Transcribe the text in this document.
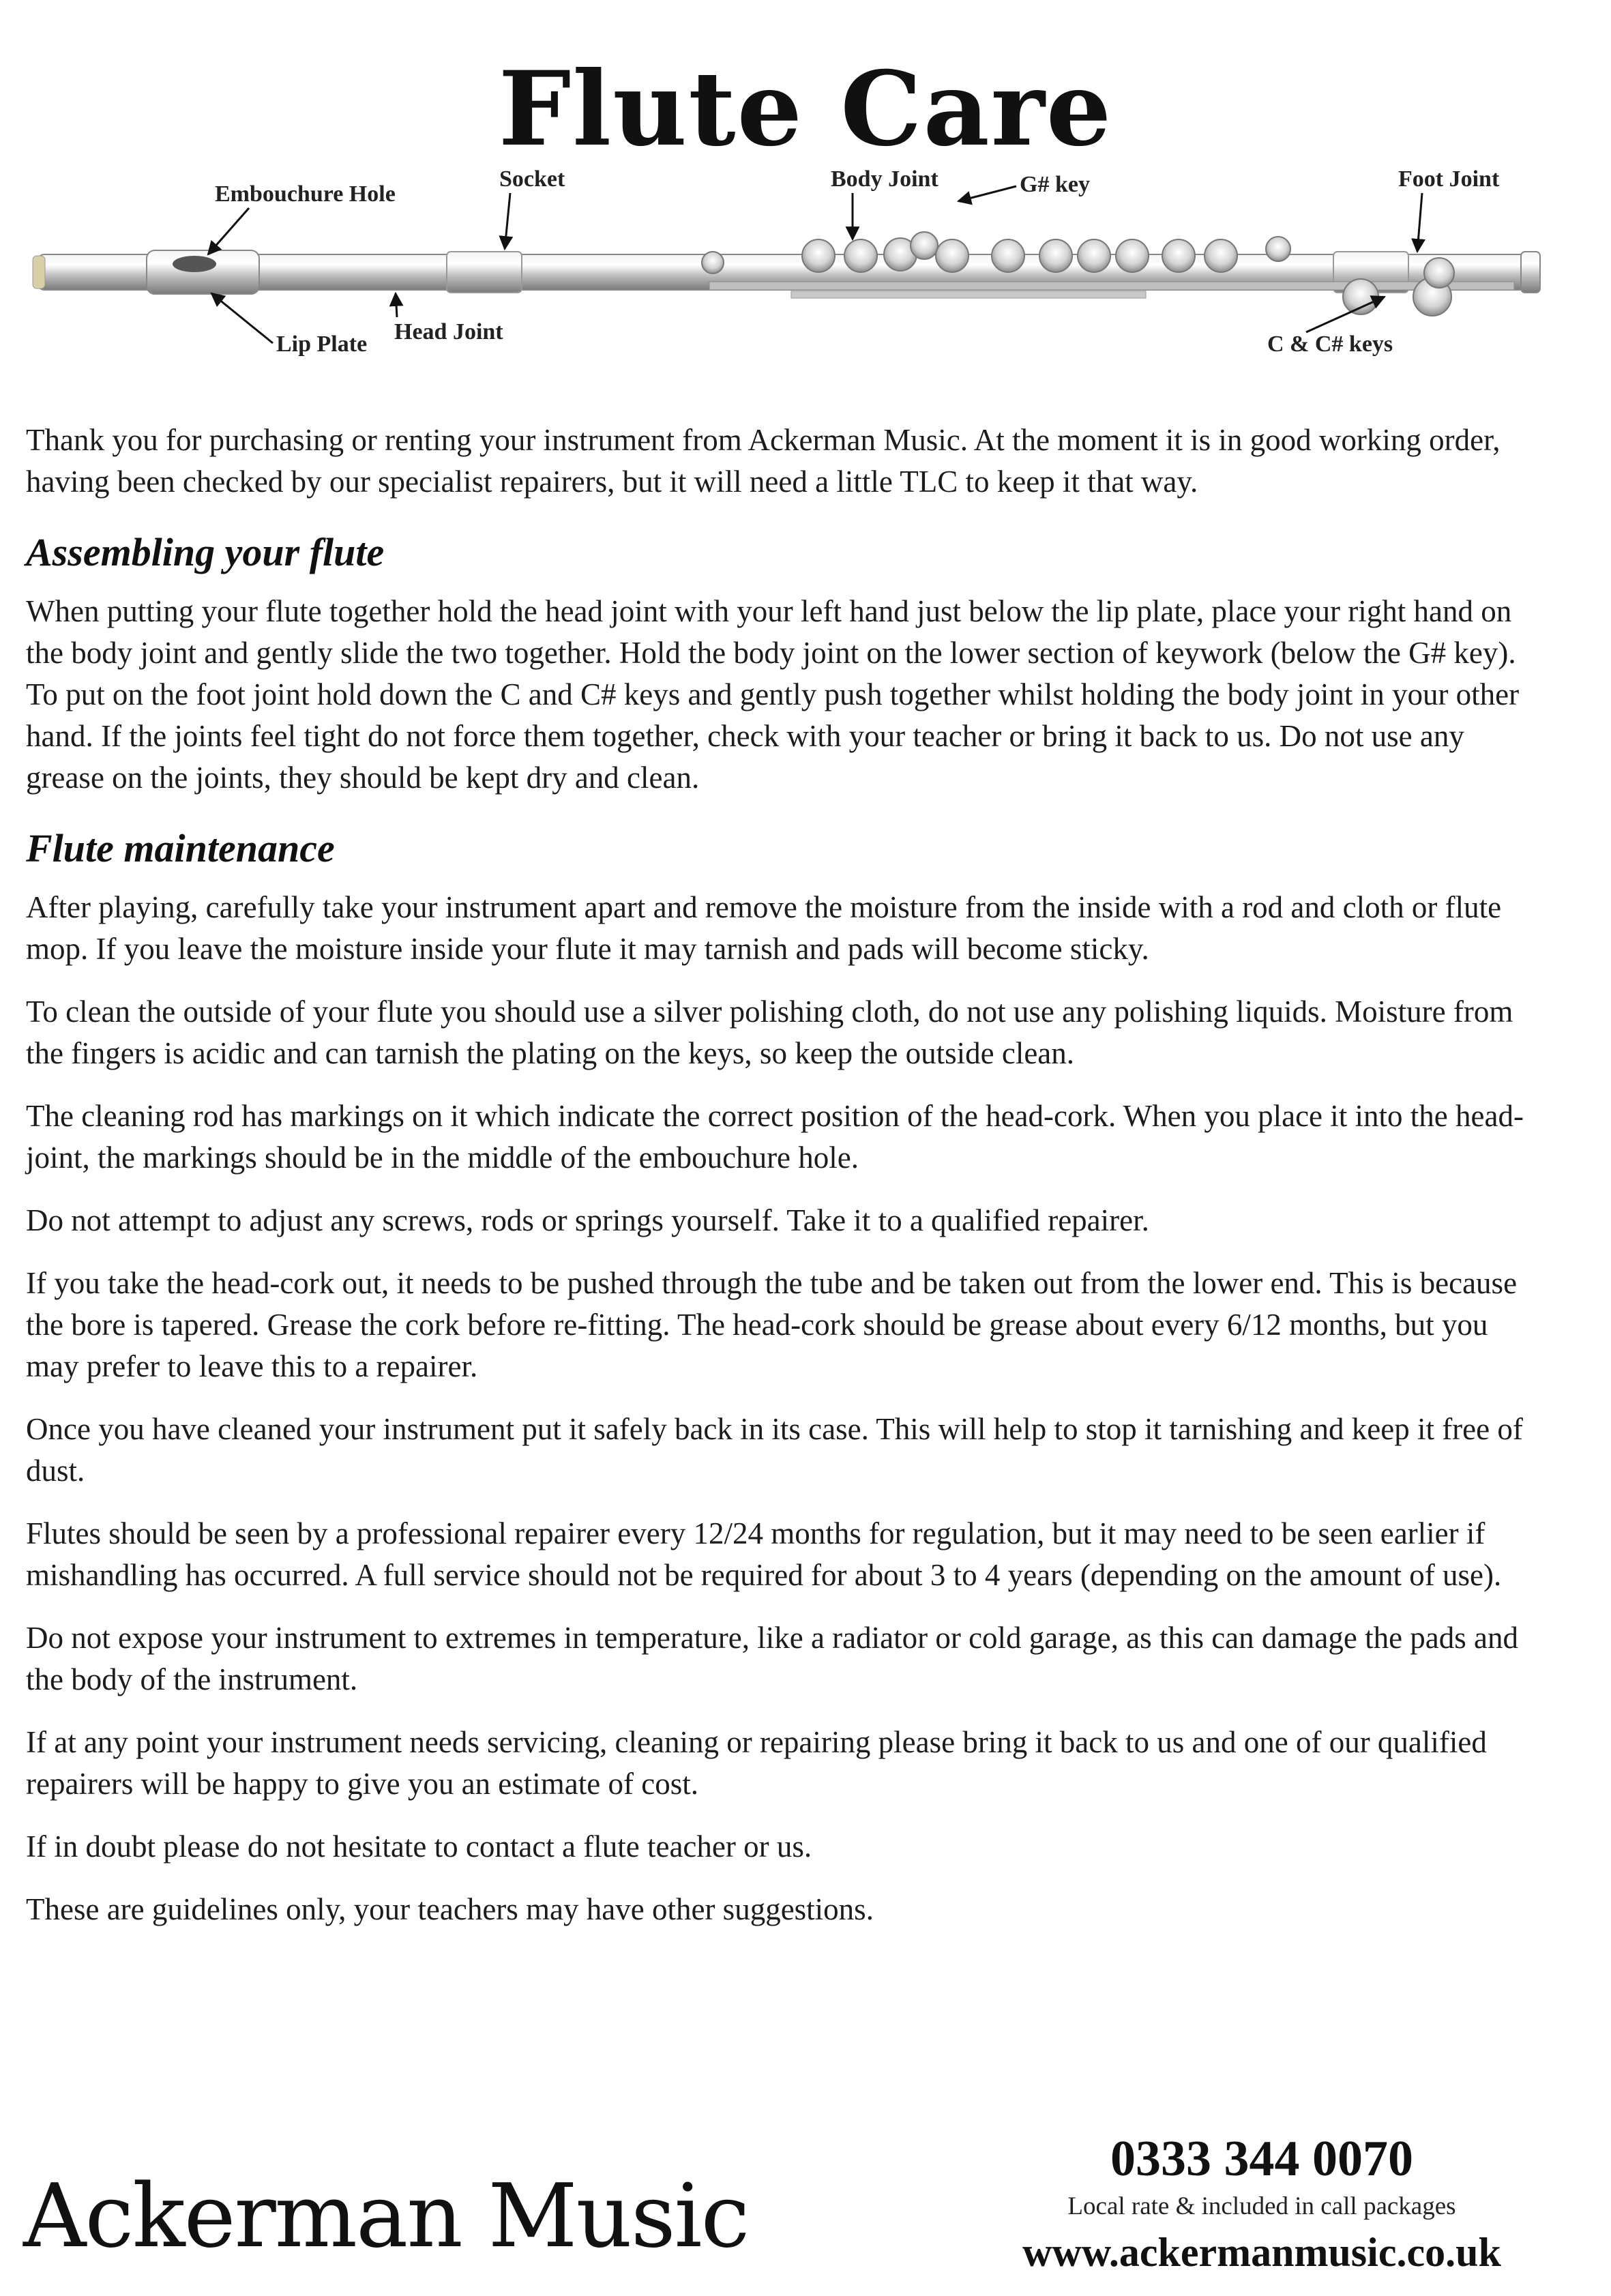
Flute Care
Embouchure Hole
Socket	Body Joint	G# key	Foot Joint
Lip Plate Head Joint	C & C# keys

Thank you for purchasing or renting your instrument from Ackerman Music. At the moment it is in good working order, having been checked by our specialist repairers, but it will need a little TLC to keep it that way.

Assembling your flute

When putting your flute together hold the head joint with your left hand just below the lip plate, place your right hand on the body joint and gently slide the two together. Hold the body joint on the lower section of keywork (below the G# key). To put on the foot joint hold down the C and C# keys and gently push together whilst holding the body joint in your other hand. If the joints feel tight do not force them together, check with your teacher or bring it back to us. Do not use any grease on the joints, they should be kept dry and clean.

Flute maintenance

After playing, carefully take your instrument apart and remove the moisture from the inside with a rod and cloth or flute mop. If you leave the moisture inside your flute it may tarnish and pads will become sticky.

To clean the outside of your flute you should use a silver polishing cloth, do not use any polishing liquids. Moisture from the fingers is acidic and can tarnish the plating on the keys, so keep the outside clean.

The cleaning rod has markings on it which indicate the correct position of the head-cork. When you place it into the head-joint, the markings should be in the middle of the embouchure hole.

Do not attempt to adjust any screws, rods or springs yourself. Take it to a qualified repairer.

If you take the head-cork out, it needs to be pushed through the tube and be taken out from the lower end. This is because the bore is tapered. Grease the cork before re-fitting. The head-cork should be grease about every 6/12 months, but you may prefer to leave this to a repairer.

Once you have cleaned your instrument put it safely back in its case. This will help to stop it tarnishing and keep it free of dust.

Flutes should be seen by a professional repairer every 12/24 months for regulation, but it may need to be seen earlier if mishandling has occurred. A full service should not be required for about 3 to 4 years (depending on the amount of use).

Do not expose your instrument to extremes in temperature, like a radiator or cold garage, as this can damage the pads and the body of the instrument.

If at any point your instrument needs servicing, cleaning or repairing please bring it back to us and one of our qualified repairers will be happy to give you an estimate of cost.

If in doubt please do not hesitate to contact a flute teacher or us.

These are guidelines only, your teachers may have other suggestions.

Ackerman Music
0333 344 0070
Local rate & included in call packages
www.ackermanmusic.co.uk
